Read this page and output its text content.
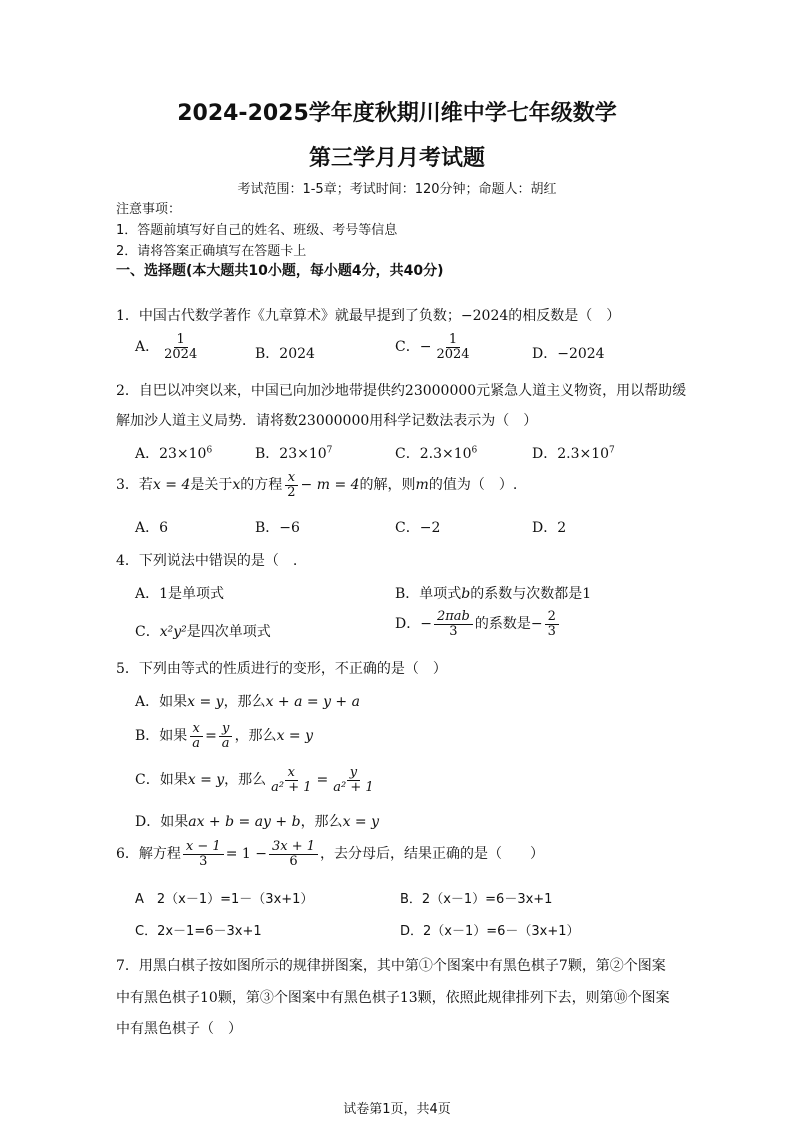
2024-2025学年度秋期川维中学七年级数学
第三学月月考试题
考试范围：1-5章；考试时间：120分钟；命题人：胡红
注意事项：
1．答题前填写好自己的姓名、班级、考号等信息
2．请将答案正确填写在答题卡上
一、选择题(本大题共10小题，每小题4分，共40分)
1．中国古代数学著作《九章算术》就最早提到了负数；−2024的相反数是（　）
A． $\frac{1}{2024}$	B．2024	C．− $\frac{1}{2024}$	D．−2024
2．自巴以冲突以来，中国已向加沙地带提供约23000000元紧急人道主义物资，用以帮助缓
解加沙人道主义局势．请将数23000000用科学记数法表示为（　）
A．$23\times 10^6$	B．$23\times 10^7$	C．$2.3\times 10^6$	D．$2.3\times 10^7$
3．若x = 4是关于x的方程 $\frac{x}{2} - m = 4$的解，则m的值为（　）.
A．6	B．−6	C．−2	D．2
4．下列说法中错误的是（　.
A．1是单项式	B．单项式b的系数与次数都是1
C．x²y²是四次单项式	D．− $\frac{\text{2πab}}{3}$ 的系数是− $\frac{2}{3}$
5．下列由等式的性质进行的变形，不正确的是（　）
A．如果x = y，那么x + a = y + a
B．如果 $\frac{x}{a} = \frac{y}{a}$ ，那么x = y
C．如果x = y，那么 $\frac{x}{\text{a² + 1}} = \frac{y}{\text{a² + 1}}$
D．如果ax + b = ay + b，那么x = y
6．解方程 $\frac{x - 1}{3} = 1 - \frac{3x + 1}{6}$ ，去分母后，结果正确的是（　　）
A　2（x－1）=1－（3x+1）	B．2（x－1）=6－3x+1
C．2x－1=6－3x+1	D．2（x－1）=6－（3x+1）
7．用黑白棋子按如图所示的规律拼图案，其中第①个图案中有黑色棋子7颗，第②个图案
中有黑色棋子10颗，第③个图案中有黑色棋子13颗，依照此规律排列下去，则第⑩个图案
中有黑色棋子（　）
试卷第1页，共4页
